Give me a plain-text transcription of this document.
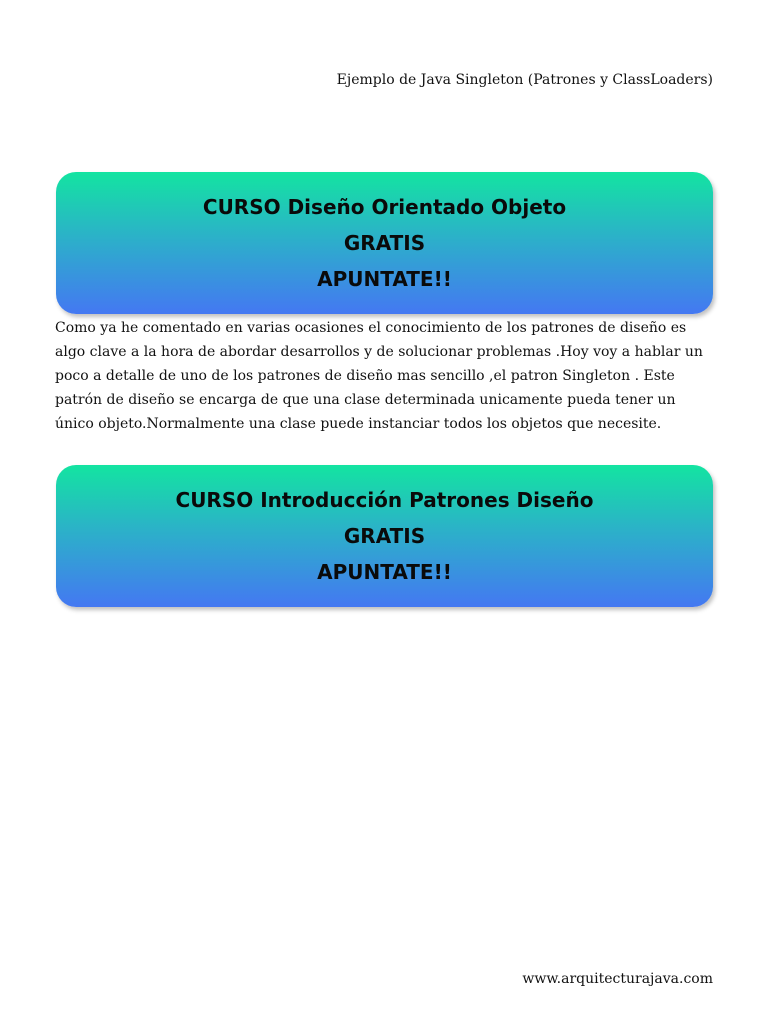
Ejemplo de Java Singleton (Patrones y ClassLoaders)
CURSO Diseño Orientado Objeto
GRATIS
APUNTATE!!

Como ya he comentado en varias ocasiones el conocimiento de los patrones de diseño es
algo clave a la hora de abordar desarrollos y de solucionar problemas .Hoy voy a hablar un
poco a detalle de uno de los patrones de diseño mas sencillo ,el patron Singleton . Este
patrón de diseño se encarga de que una clase determinada unicamente pueda tener un
único objeto.Normalmente una clase puede instanciar todos los objetos que necesite.

CURSO Introducción Patrones Diseño
GRATIS
APUNTATE!!
www.arquitecturajava.com
